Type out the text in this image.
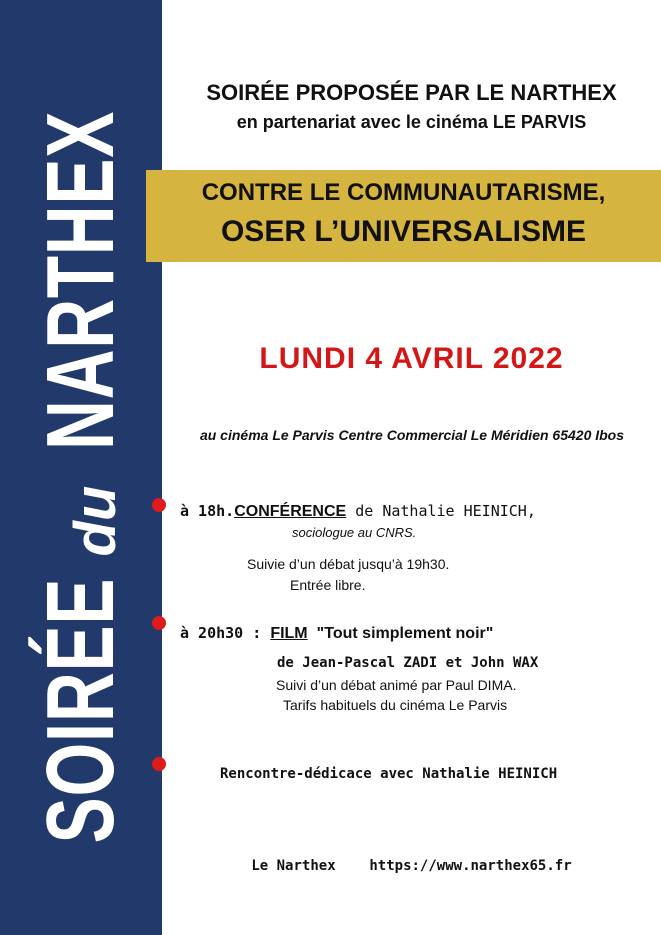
SOIRÉE
du
NARTHEX
SOIRÉE PROPOSÉE PAR LE NARTHEX
en partenariat avec le cinéma LE PARVIS
CONTRE LE COMMUNAUTARISME,
OSER L’UNIVERSALISME
LUNDI 4 AVRIL 2022
au cinéma Le Parvis Centre Commercial Le Méridien 65420 Ibos
à 18h.CONFÉRENCE de Nathalie HEINICH,
sociologue au CNRS.
Suivie d’un débat jusqu’à 19h30.
Entrée libre.
à 20h30 : FILM "Tout simplement noir"
de Jean-Pascal ZADI et John WAX
Suivi d’un débat animé par Paul DIMA.
Tarifs habituels du cinéma Le Parvis
Rencontre-dédicace avec Nathalie HEINICH
Le Narthex https://www.narthex65.fr
